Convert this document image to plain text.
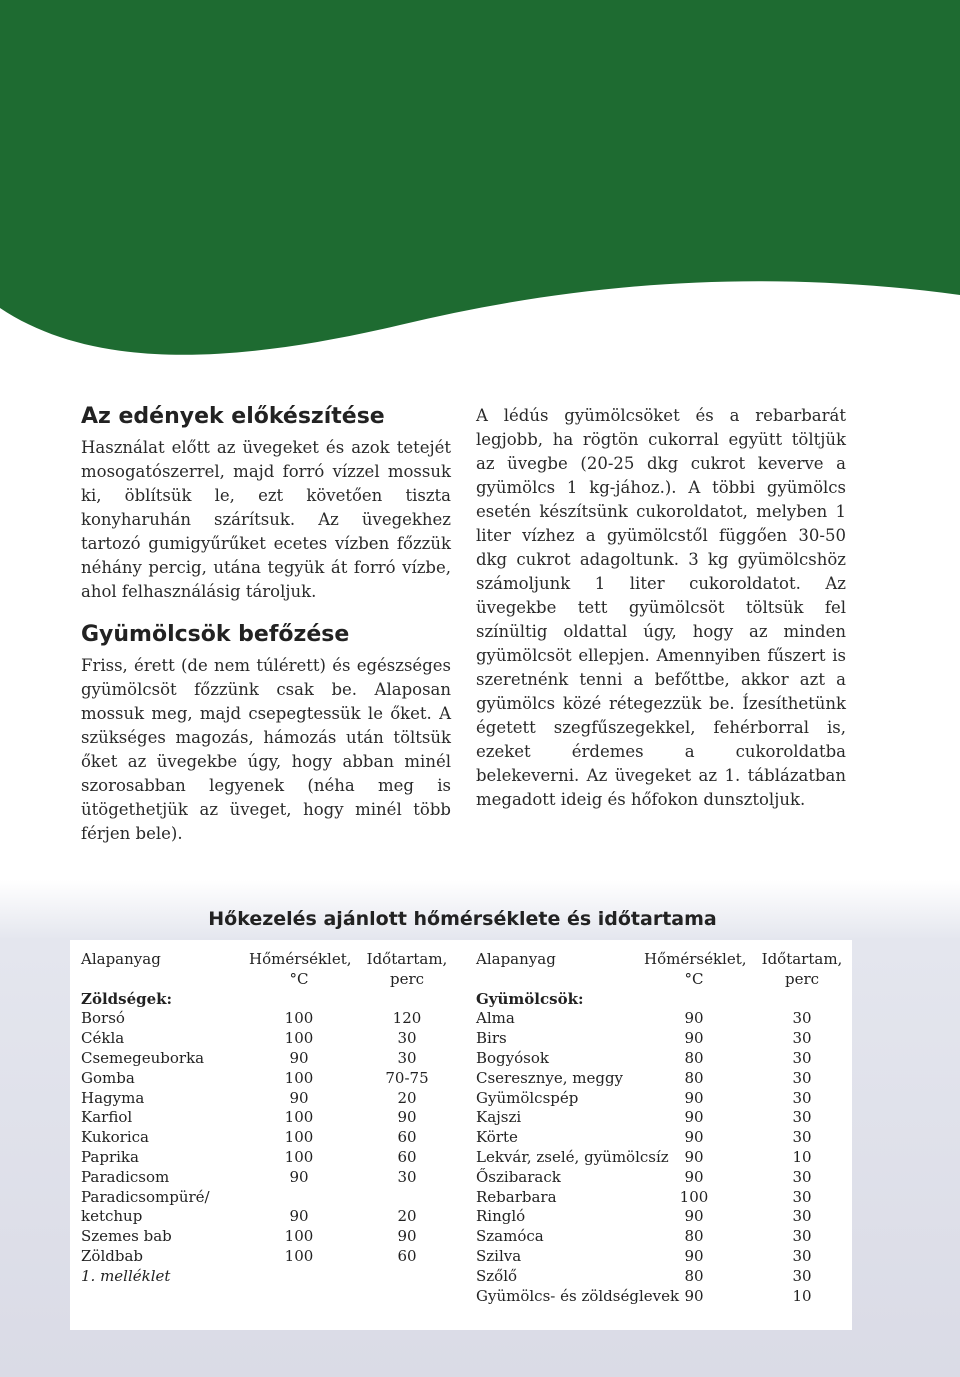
Az edények előkészítése

Használat előtt az üvegeket és azok tetejét mosogatószerrel, majd forró vízzel mossuk ki, öblítsük le, ezt követően tiszta konyharuhán szárítsuk. Az üvegekhez tartozó gumigyűrűket ecetes vízben főzzük néhány percig, utána tegyük át forró vízbe, ahol felhasználásig tároljuk.

Gyümölcsök befőzése

Friss, érett (de nem túlérett) és egészséges gyümölcsöt főzzünk csak be. Alaposan mossuk meg, majd csepegtessük le őket. A szükséges magozás, hámozás után töltsük őket az üvegekbe úgy, hogy abban minél szorosabban legyenek (néha meg is ütögethetjük az üveget, hogy minél több férjen bele).

A lédús gyümölcsöket és a rebarbarát legjobb, ha rögtön cukorral együtt töltjük az üvegbe (20-25 dkg cukrot keverve a gyümölcs 1 kg-jához.). A többi gyümölcs esetén készítsünk cukoroldatot, melyben 1 liter vízhez a gyümölcstől függően 30-50 dkg cukrot adagoltunk. 3 kg gyümölcshöz számoljunk 1 liter cukoroldatot. Az üvegekbe tett gyümölcsöt töltsük fel színültig oldattal úgy, hogy az minden gyümölcsöt ellepjen. Amennyiben fűszert is szeretnénk tenni a befőttbe, akkor azt a gyümölcs közé rétegezzük be. Ízesíthetünk égetett szegfűszegekkel, fehérborral is, ezeket érdemes a cukoroldatba belekeverni. Az üvegeket az 1. táblázatban megadott ideig és hőfokon dunsztoljuk.

Hőkezelés ajánlott hőmérséklete és időtartama
Alapanyag	Hőmérséklet, °C
Időtartam, perc
Zöldségek:
Borsó	100	120
Cékla	100	30
Csemegeuborka	90	30
Gomba	100	70-75
Hagyma	90	20
Karfiol	100	90
Kukorica	100	60
Paprika	100	60
Paradicsom	90	30
Paradicsompüré/
ketchup	90	20
Szemes bab	100	90
Zöldbab	100	60
1. melléklet
Alapanyag	Hőmérséklet, °C
Időtartam, perc
Gyümölcsök:
Alma	90	30
Birs	90	30
Bogyósok	80	30
Cseresznye, meggy	80	30
Gyümölcspép	90	30
Kajszi	90	30
Körte	90	30
Lekvár, zselé, gyümölcsíz	90	10
Őszibarack	90	30
Rebarbara	100	30
Ringló	90	30
Szamóca	80	30
Szilva	90	30
Szőlő	80	30
Gyümölcs- és zöldséglevek 90	10
